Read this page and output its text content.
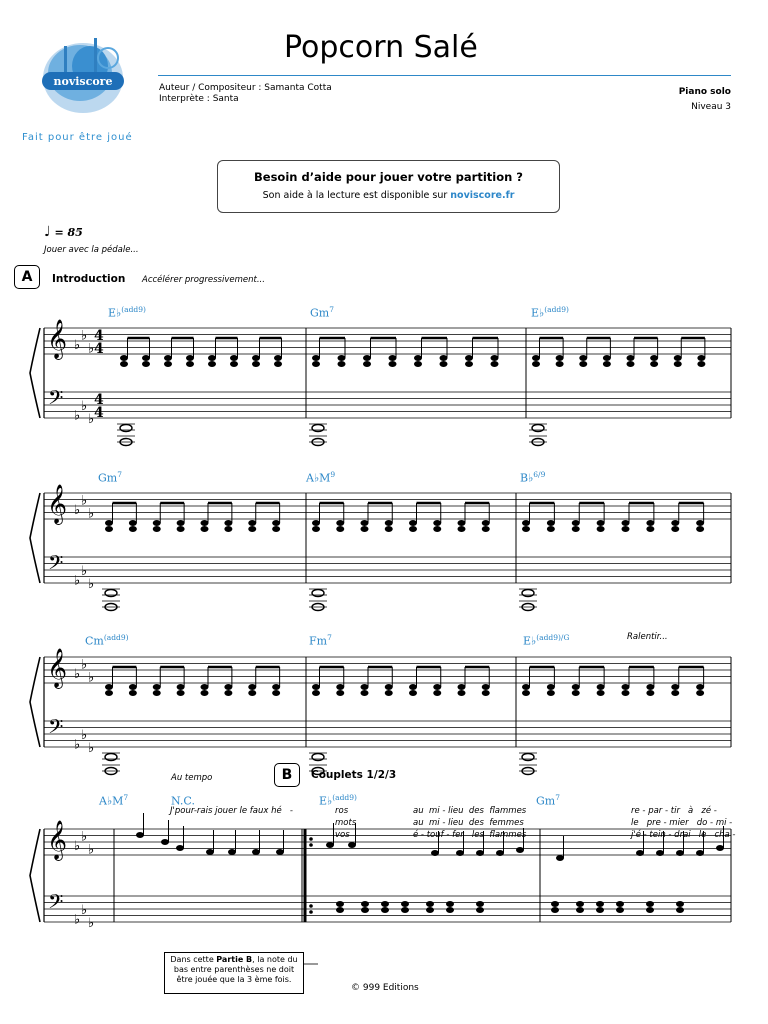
noviscore
Fait pour être joué
Popcorn Salé
Auteur / Compositeur : Samanta Cotta
Interprète : Santa
Piano solo
Niveau 3
Besoin d’aide pour jouer votre partition ?
Son aide à la lecture est disponible sur noviscore.fr
♩ = 85
Jouer avec la pédale...
A	Introduction Accélérer progressivement...
Au tempo	B	Couplets 1/2/3
Ralentir...
E♭$^{(add9)}$	Gm$^7$	E♭$^{(add9)}$
Gm$^7$	$A♭M^9$	B♭$^{6/9}$
$Cm^{(add9)}$	Fm$^7$	E♭$^{(add9)/G}$
$A♭M^7$	N.C.	E♭$^{(add9)}$	Gm$^7$
J'pour-rais jouer le faux hé   -	ros	au  mi - lieu  des  flammes	re - par - tir   à   zé -
mots	au  mi - lieu  des  femmes	le   pre - mier   do - mi -
vos	é - touf - fer   les  flammes	j'é - tein - drai   le   cha -
𝄞
𝄢
♭
♭
♭
♭
♭
♭
4
4
4
4
𝄞
𝄢
♭
♭
♭
♭
♭
♭
𝄞
𝄢
♭
♭
♭
♭
♭
♭
𝄞
𝄢
♭
♭
♭
♭
♭
♭
Dans cette Partie B, la note du
bas entre parenthèses ne doit
être jouée que la 3 ème fois.
© 999 Editions
